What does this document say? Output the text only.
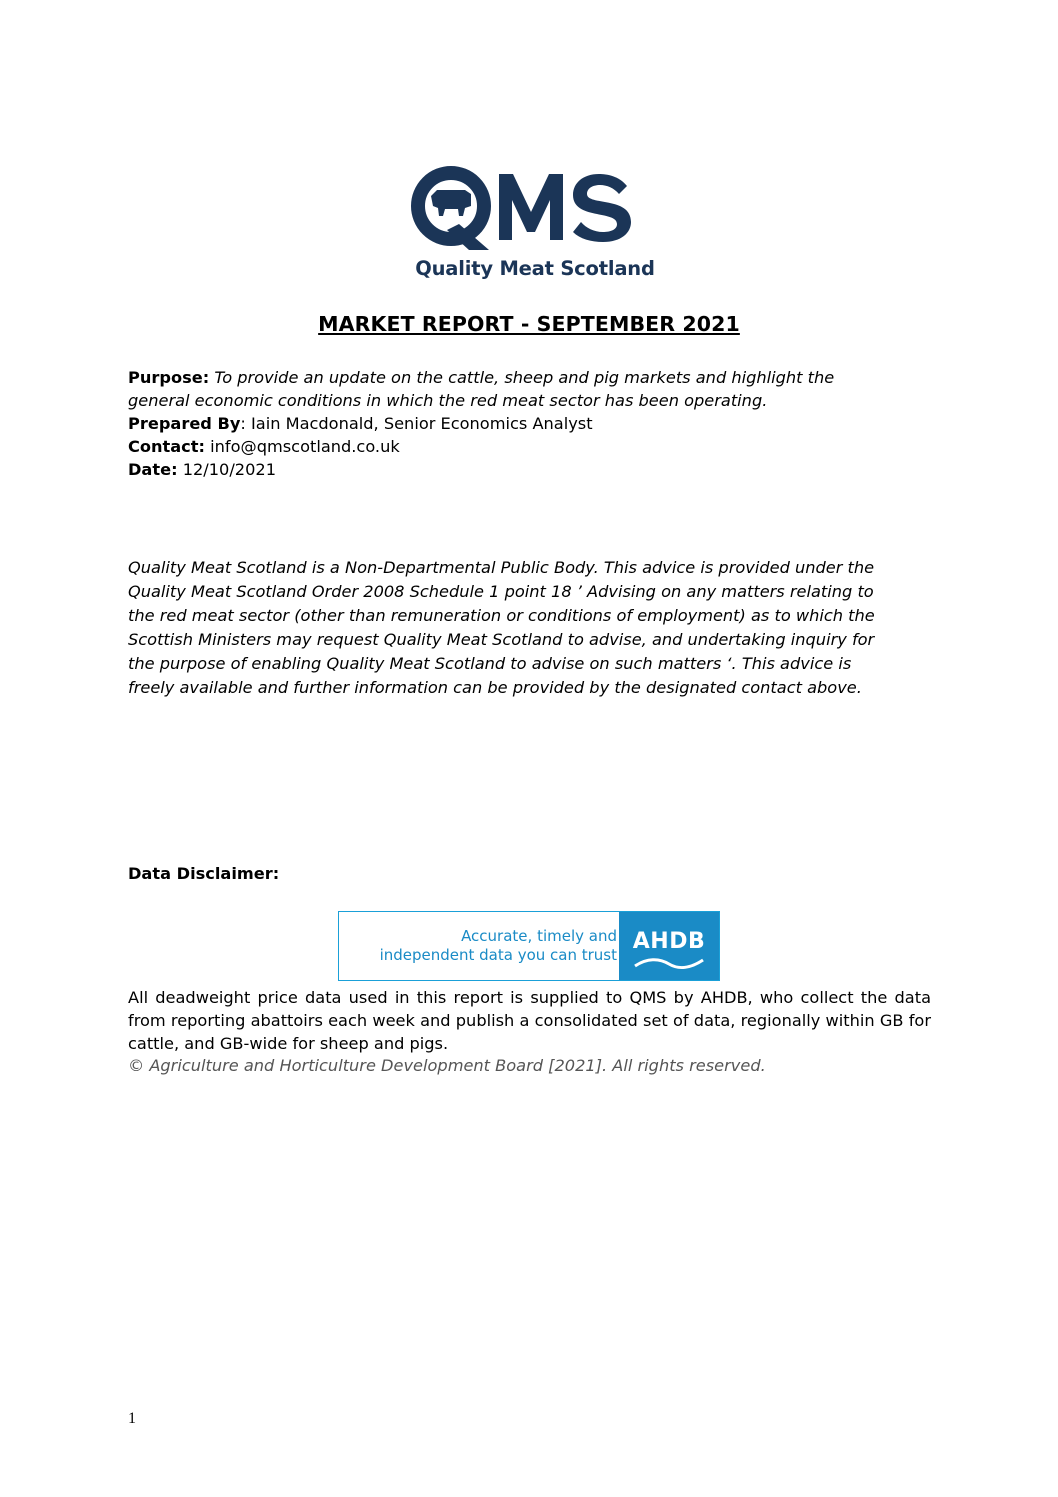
Quality Meat Scotland
MARKET REPORT - SEPTEMBER 2021
Purpose: To provide an update on the cattle, sheep and pig markets and highlight the
general economic conditions in which the red meat sector has been operating.
Prepared By: Iain Macdonald, Senior Economics Analyst
Contact: info@qmscotland.co.uk
Date: 12/10/2021
Quality Meat Scotland is a Non-Departmental Public Body. This advice is provided under the
Quality Meat Scotland Order 2008 Schedule 1 point 18 ’ Advising on any matters relating to
the red meat sector (other than remuneration or conditions of employment) as to which the
Scottish Ministers may request Quality Meat Scotland to advise, and undertaking inquiry for
the purpose of enabling Quality Meat Scotland to advise on such matters ‘. This advice is
freely available and further information can be provided by the designated contact above.
Data Disclaimer:
Accurate, timely and
independent data you can trust
AHDB
All deadweight price data used in this report is supplied to QMS by AHDB, who collect the data from reporting abattoirs each week and publish a consolidated set of data, regionally within GB for cattle, and GB-wide for sheep and pigs.
© Agriculture and Horticulture Development Board [2021]. All rights reserved.
1
